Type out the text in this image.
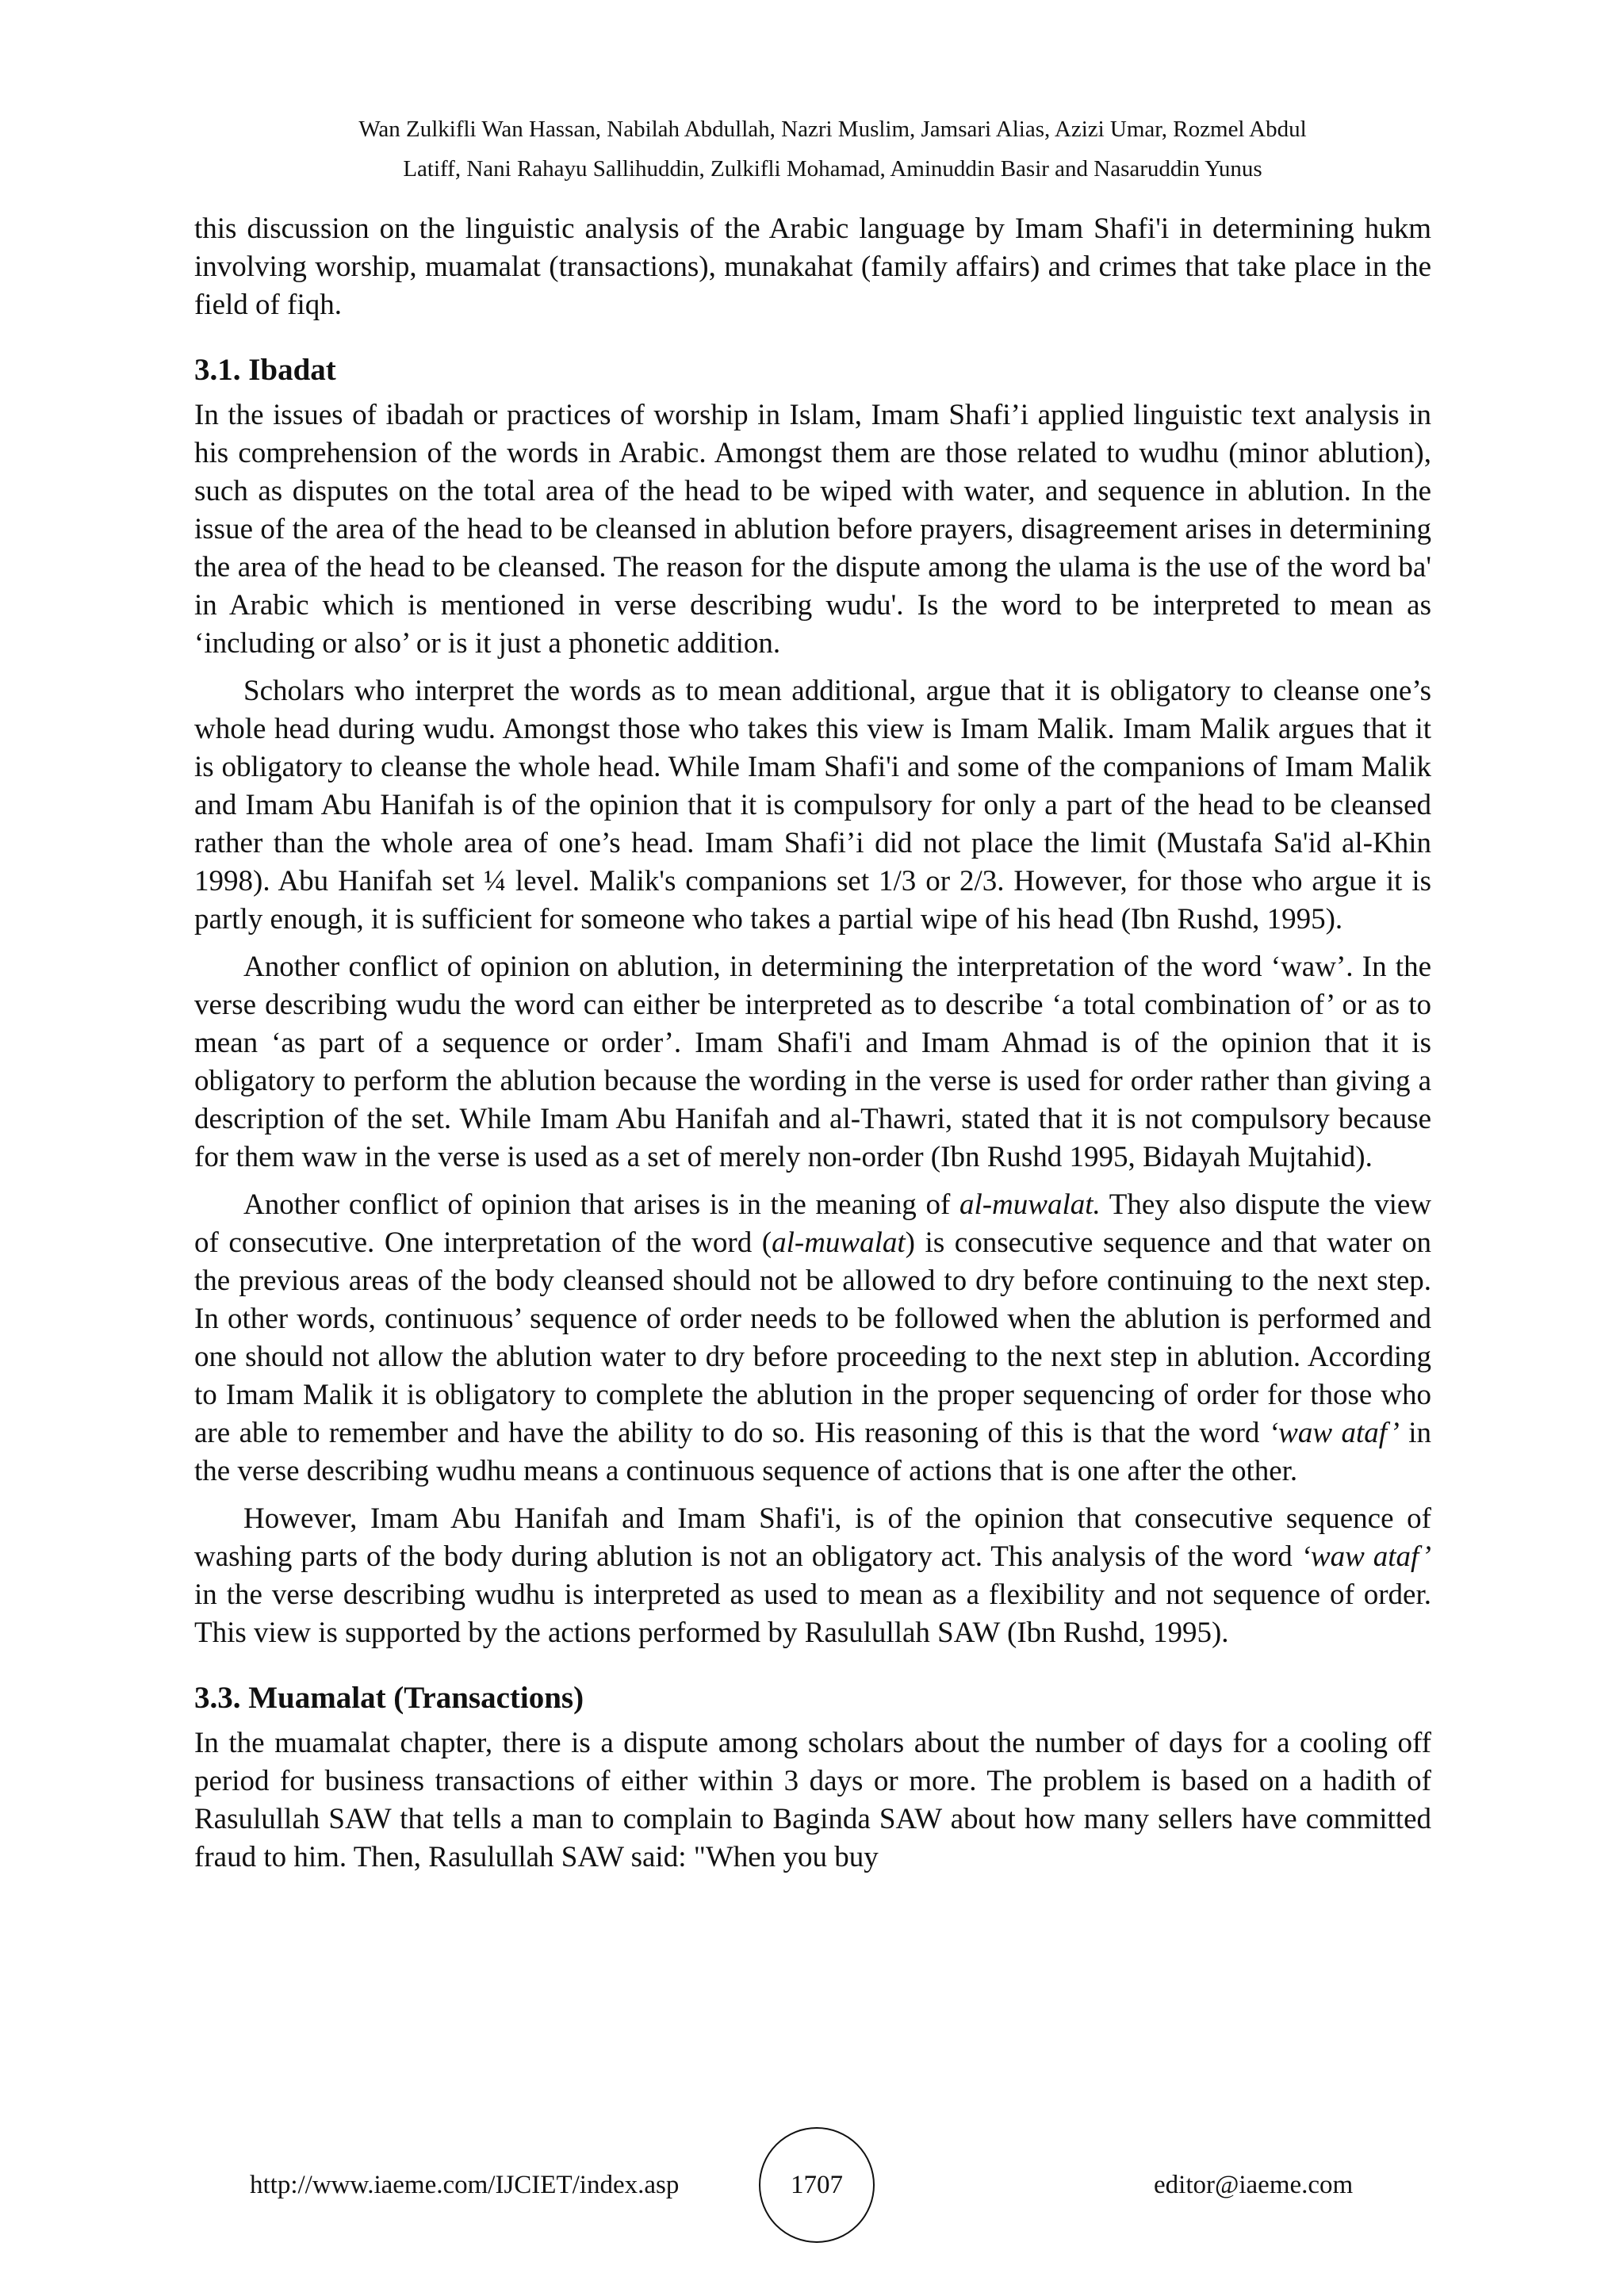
Wan Zulkifli Wan Hassan, Nabilah Abdullah, Nazri Muslim, Jamsari Alias, Azizi Umar, Rozmel Abdul
Latiff, Nani Rahayu Sallihuddin, Zulkifli Mohamad, Aminuddin Basir and Nasaruddin Yunus

this discussion on the linguistic analysis of the Arabic language by Imam Shafi'i in determining hukm involving worship, muamalat (transactions), munakahat (family affairs) and crimes that take place in the field of fiqh.

3.1. Ibadat

In the issues of ibadah or practices of worship in Islam, Imam Shafi’i applied linguistic text analysis in his comprehension of the words in Arabic. Amongst them are those related to wudhu (minor ablution), such as disputes on the total area of the head to be wiped with water, and sequence in ablution. In the issue of the area of the head to be cleansed in ablution before prayers, disagreement arises in determining the area of the head to be cleansed. The reason for the dispute among the ulama is the use of the word ba' in Arabic which is mentioned in verse describing wudu'. Is the word to be interpreted to mean as ‘including or also’ or is it just a phonetic addition.

Scholars who interpret the words as to mean additional, argue that it is obligatory to cleanse one’s whole head during wudu. Amongst those who takes this view is Imam Malik. Imam Malik argues that it is obligatory to cleanse the whole head. While Imam Shafi'i and some of the companions of Imam Malik and Imam Abu Hanifah is of the opinion that it is compulsory for only a part of the head to be cleansed rather than the whole area of one’s head. Imam Shafi’i did not place the limit (Mustafa Sa'id al-Khin 1998). Abu Hanifah set ¼ level. Malik's companions set 1/3 or 2/3. However, for those who argue it is partly enough, it is sufficient for someone who takes a partial wipe of his head (Ibn Rushd, 1995).

Another conflict of opinion on ablution, in determining the interpretation of the word ‘waw’. In the verse describing wudu the word can either be interpreted as to describe ‘a total combination of’ or as to mean ‘as part of a sequence or order’. Imam Shafi'i and Imam Ahmad is of the opinion that it is obligatory to perform the ablution because the wording in the verse is used for order rather than giving a description of the set. While Imam Abu Hanifah and al-Thawri, stated that it is not compulsory because for them waw in the verse is used as a set of merely non-order (Ibn Rushd 1995, Bidayah Mujtahid).

Another conflict of opinion that arises is in the meaning of al-muwalat. They also dispute the view of consecutive. One interpretation of the word (al-muwalat) is consecutive sequence and that water on the previous areas of the body cleansed should not be allowed to dry before continuing to the next step. In other words, continuous’ sequence of order needs to be followed when the ablution is performed and one should not allow the ablution water to dry before proceeding to the next step in ablution. According to Imam Malik it is obligatory to complete the ablution in the proper sequencing of order for those who are able to remember and have the ability to do so. His reasoning of this is that the word ‘waw ataf’ in the verse describing wudhu means a continuous sequence of actions that is one after the other.

However, Imam Abu Hanifah and Imam Shafi'i, is of the opinion that consecutive sequence of washing parts of the body during ablution is not an obligatory act. This analysis of the word ‘waw ataf’ in the verse describing wudhu is interpreted as used to mean as a flexibility and not sequence of order. This view is supported by the actions performed by Rasulullah SAW (Ibn Rushd, 1995).

3.3. Muamalat (Transactions)

In the muamalat chapter, there is a dispute among scholars about the number of days for a cooling off period for business transactions of either within 3 days or more. The problem is based on a hadith of Rasulullah SAW that tells a man to complain to Baginda SAW about how many sellers have committed fraud to him. Then, Rasulullah SAW said: "When you buy

http://www.iaeme.com/IJCIET/index.asp	1707	editor@iaeme.com
